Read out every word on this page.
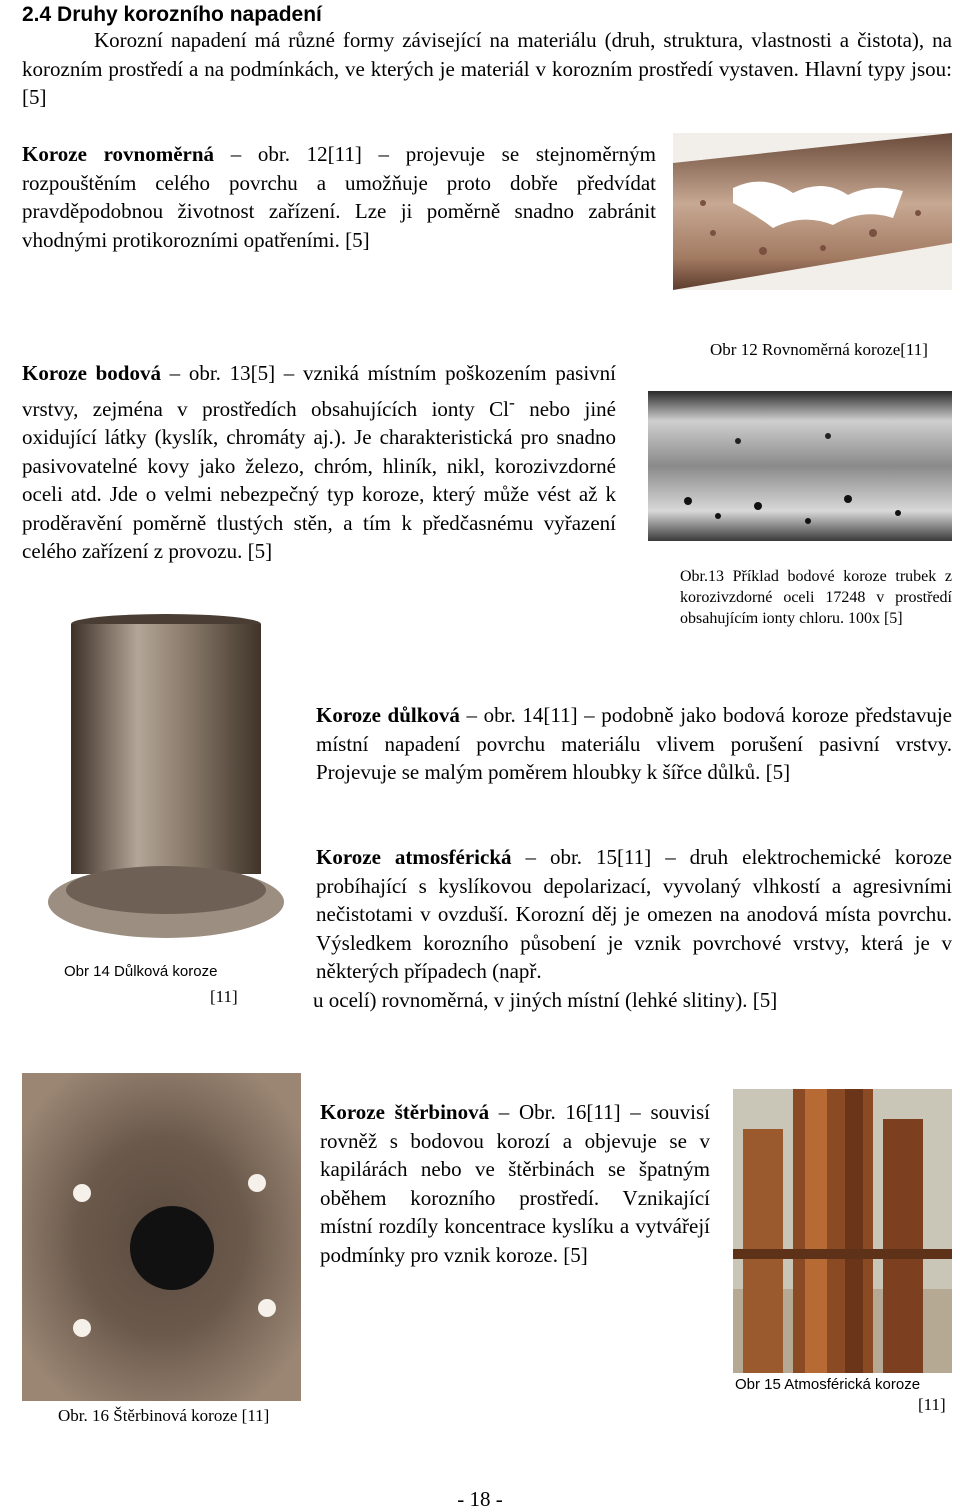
2.4 Druhy korozního napadení
Korozní napadení má různé formy závisející na materiálu (druh, struktura, vlastnosti a čistota), na korozním prostředí a na podmínkách, ve kterých je materiál v korozním prostředí vystaven. Hlavní typy jsou: [5]
Koroze rovnoměrná – obr. 12[11] – projevuje se stejnoměrným rozpouštěním celého povrchu a umožňuje proto dobře předvídat pravděpodobnou životnost zařízení. Lze ji poměrně snadno zabránit vhodnými protikorozními opatřeními. [5]
Obr 12 Rovnoměrná koroze[11]
Koroze bodová – obr. 13[5] – vzniká místním poškozením pasivní vrstvy, zejména v prostředích obsahujících ionty Cl- nebo jiné oxidující látky (kyslík, chromáty aj.). Je charakteristická pro snadno pasivovatelné kovy jako železo, chróm, hliník, nikl, korozivzdorné oceli atd. Jde o velmi nebezpečný typ koroze, který může vést až k proděravění poměrně tlustých stěn, a tím k předčasnému vyřazení celého zařízení z provozu. [5]
Obr.13 Příklad bodové koroze trubek z korozivzdorné oceli 17248 v prostředí obsahujícím ionty chloru. 100x [5]
Obr 14 Důlková koroze
[11]
Koroze důlková – obr. 14[11] – podobně jako bodová koroze představuje místní napadení povrchu materiálu vlivem porušení pasivní vrstvy. Projevuje se malým poměrem hloubky k šířce důlků. [5]
Koroze atmosférická – obr. 15[11] – druh elektrochemické koroze probíhající s kyslíkovou depolarizací, vyvolaný vlhkostí a agresivními nečistotami v ovzduší. Korozní děj je omezen na anodová místa povrchu. Výsledkem korozního působení je vznik povrchové vrstvy, která je v některých případech (např.
u ocelí) rovnoměrná, v jiných místní (lehké slitiny). [5]
Obr. 16 Štěrbinová koroze [11]
Koroze štěrbinová – Obr. 16[11] – souvisí rovněž s bodovou korozí a objevuje se v kapilárách nebo ve štěrbinách se špatným oběhem korozního prostředí. Vznikající místní rozdíly koncentrace kyslíku a vytvářejí podmínky pro vznik koroze. [5]
Obr 15 Atmosférická koroze
[11]
- 18 -
